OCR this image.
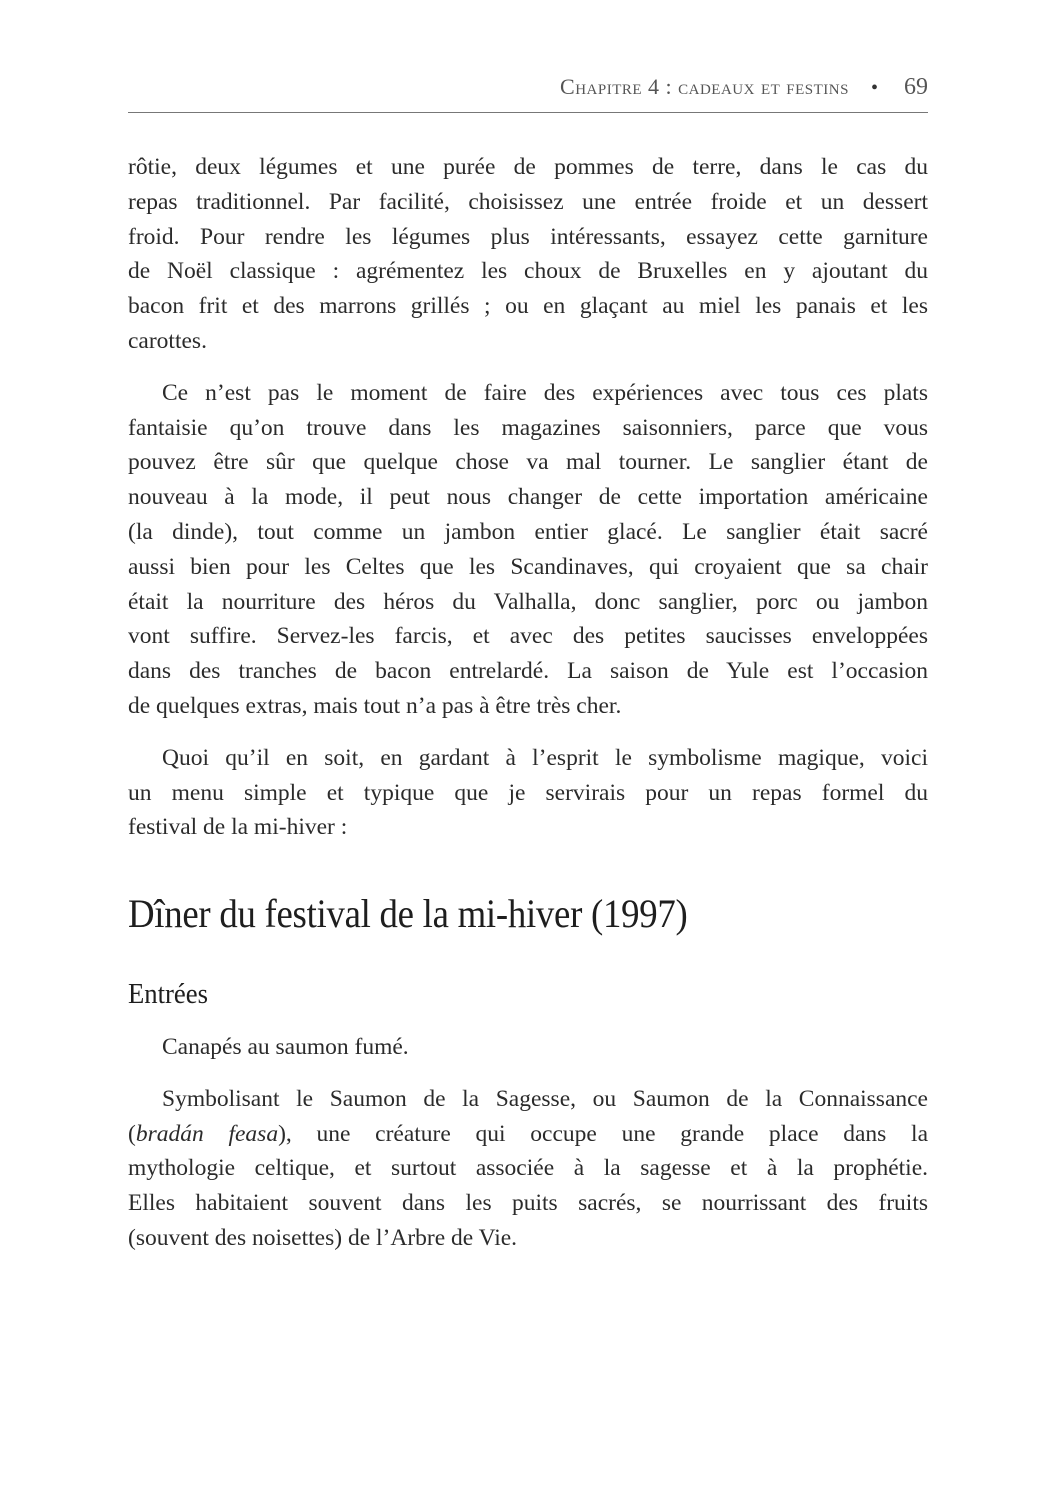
Chapitre 4 : cadeaux et festins • 69
rôtie, deux légumes et une purée de pommes de terre, dans le cas du
repas traditionnel. Par facilité, choisissez une entrée froide et un dessert
froid. Pour rendre les légumes plus intéressants, essayez cette garniture
de Noël classique : agrémentez les choux de Bruxelles en y ajoutant du
bacon frit et des marrons grillés ; ou en glaçant au miel les panais et les
carottes.
Ce n’est pas le moment de faire des expériences avec tous ces plats
fantaisie qu’on trouve dans les magazines saisonniers, parce que vous
pouvez être sûr que quelque chose va mal tourner. Le sanglier étant de
nouveau à la mode, il peut nous changer de cette importation américaine
(la dinde), tout comme un jambon entier glacé. Le sanglier était sacré
aussi bien pour les Celtes que les Scandinaves, qui croyaient que sa chair
était la nourriture des héros du Valhalla, donc sanglier, porc ou jambon
vont suffire. Servez-les farcis, et avec des petites saucisses enveloppées
dans des tranches de bacon entrelardé. La saison de Yule est l’occasion
de quelques extras, mais tout n’a pas à être très cher.
Quoi qu’il en soit, en gardant à l’esprit le symbolisme magique, voici
un menu simple et typique que je servirais pour un repas formel du
festival de la mi-hiver :
Dîner du festival de la mi-hiver (1997)
Entrées
Canapés au saumon fumé.
Symbolisant le Saumon de la Sagesse, ou Saumon de la Connaissance
(bradán feasa), une créature qui occupe une grande place dans la
mythologie celtique, et surtout associée à la sagesse et à la prophétie.
Elles habitaient souvent dans les puits sacrés, se nourrissant des fruits
(souvent des noisettes) de l’Arbre de Vie.
